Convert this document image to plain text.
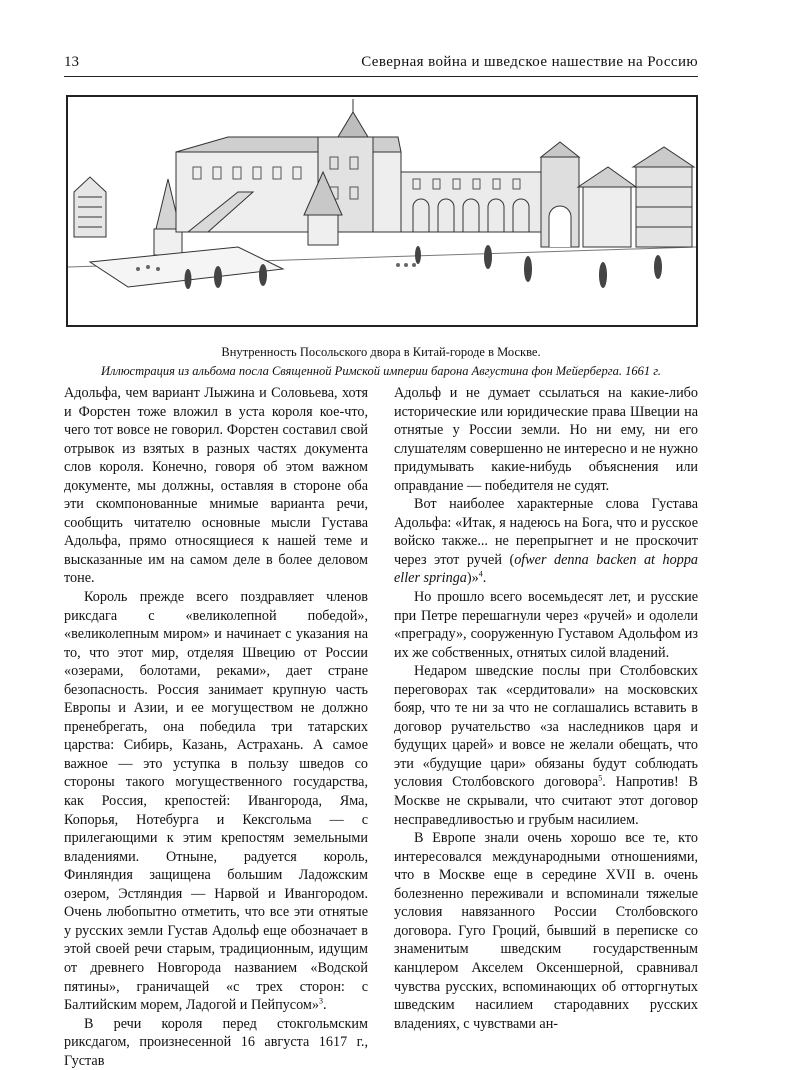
13	Северная война и шведское нашествие на Россию
Внутренность Посольского двора в Китай-городе в Москве.
Иллюстрация из альбома посла Священной Римской империи барона Августина фон Мейерберга. 1661 г.

Адольфа, чем вариант Лыжина и Соловьева, хотя и Форстен тоже вложил в уста короля кое-что, чего тот вовсе не говорил. Форстен составил свой отрывок из взятых в разных частях документа слов короля. Конечно, говоря об этом важном документе, мы должны, оставляя в стороне оба эти скомпонованные мнимые варианта речи, сообщить читателю основные мысли Густава Адольфа, прямо относящиеся к нашей теме и высказанные им на самом деле в более деловом тоне.

Король прежде всего поздравляет членов риксдага с «великолепной победой», «великолепным миром» и начинает с указания на то, что этот мир, отделяя Швецию от России «озерами, болотами, реками», дает стране безопасность. Россия занимает крупную часть Европы и Азии, и ее могуществом не должно пренебрегать, она победила три татарских царства: Сибирь, Казань, Астрахань. А самое важное — это уступка в пользу шведов со стороны такого могущественного государства, как Россия, крепостей: Ивангорода, Яма, Копорья, Нотебурга и Кексгольма — с прилегающими к этим крепостям земельными владениями. Отныне, радуется король, Финляндия защищена большим Ладожским озером, Эстляндия — Нарвой и Ивангородом. Очень любопытно отметить, что все эти отнятые у русских земли Густав Адольф еще обозначает в этой своей речи старым, традиционным, идущим от древнего Новгорода названием «Водской пятины», граничащей «с трех сторон: с Балтийским морем, Ладогой и Пейпусом»$^3$.

В речи короля перед стокгольмским риксдагом, произнесенной 16 августа 1617 г., Густав

Адольф и не думает ссылаться на какие-либо исторические или юридические права Швеции на отнятые у России земли. Но ни ему, ни его слушателям совершенно не интересно и не нужно придумывать какие-нибудь объяснения или оправдание — победителя не судят.

Вот наиболее характерные слова Густава Адольфа: «Итак, я надеюсь на Бога, что и русское войско также... не перепрыгнет и не проскочит через этот ручей (ofwer denna backen at hoppa eller springa)»$^4$.

Но прошло всего восемьдесят лет, и русские при Петре перешагнули через «ручей» и одолели «преграду», сооруженную Густавом Адольфом из их же собственных, отнятых силой владений.

Недаром шведские послы при Столбовских переговорах так «сердитовали» на московских бояр, что те ни за что не соглашались вставить в договор ручательство «за наследников царя и будущих царей» и вовсе не желали обещать, что эти «будущие цари» обязаны будут соблюдать условия Столбовского договора$^5$. Напротив! В Москве не скрывали, что считают этот договор несправедливостью и грубым насилием.

В Европе знали очень хорошо все те, кто интересовался международными отношениями, что в Москве еще в середине XVII в. очень болезненно переживали и вспоминали тяжелые условия навязанного России Столбовского договора. Гуго Гроций, бывший в переписке со знаменитым шведским государственным канцлером Акселем Оксеншерной, сравнивал чувства русских, вспоминающих об отторгнутых шведским насилием стародавних русских владениях, с чувствами ан-
